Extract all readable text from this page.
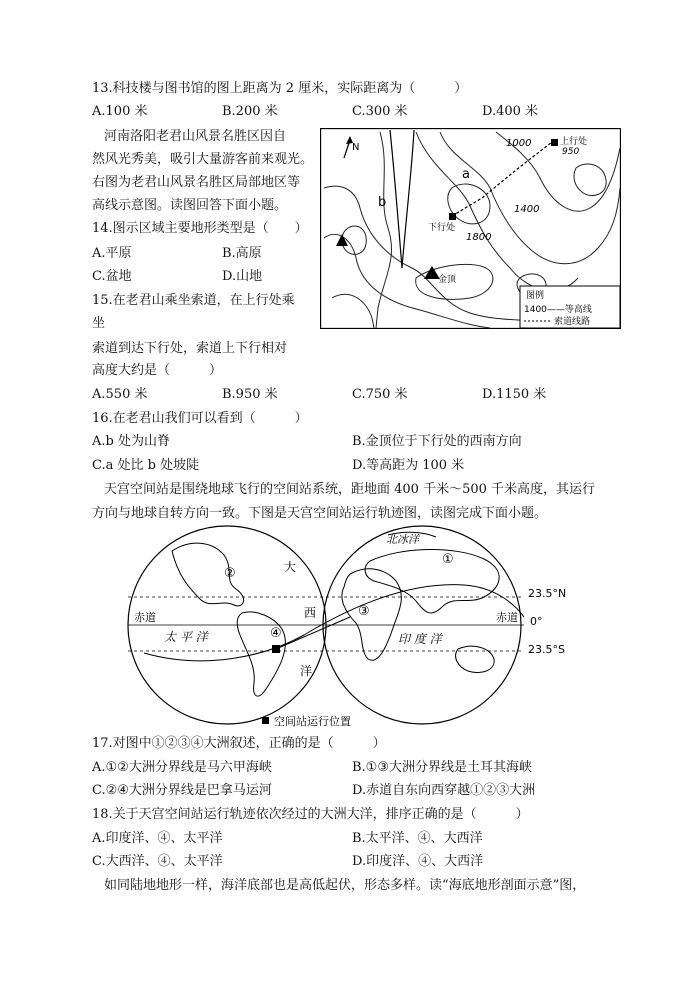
13.科技楼与图书馆的图上距离为 2 厘米，实际距离为（　　　）
A.100 米	B.200 米	C.300 米	D.400 米
河南洛阳老君山风景名胜区因自
然风光秀美，吸引大量游客前来观光。
右图为老君山风景名胜区局部地区等
高线示意图。读图回答下面小题。
14.图示区域主要地形类型是（　　）
A.平原	B.高原
C.盆地	D.山地
15.在老君山乘坐索道，在上行处乘
坐
索道到达下行处，索道上下行相对
高度大约是（　　　）
A.550 米	B.950 米	C.750 米	D.1150 米
16.在老君山我们可以看到（　　　）
A.b 处为山脊	B.金顶位于下行处的西南方向
C.a 处比 b 处坡陡	D.等高距为 100 米
天宫空间站是围绕地球飞行的空间站系统，距地面 400 千米～500 千米高度，其运行
方向与地球自转方向一致。下图是天宫空间站运行轨迹图，读图完成下面小题。
N	1000
1400
1800
a
b
上行处
950
下行处
金顶
图例
1400——等高线
索道线路
②	大
西
洋
赤道
太 平 洋	④
北冰洋
①
③
印 度 洋
赤道
23.5°N
0°
23.5°S
空间站运行位置
17.对图中①②③④大洲叙述，正确的是（　　　）
A.①②大洲分界线是马六甲海峡	B.①③大洲分界线是土耳其海峡
C.②④大洲分界线是巴拿马运河	D.赤道自东向西穿越①②③大洲
18.关于天宫空间站运行轨迹依次经过的大洲大洋，排序正确的是（　　　）
A.印度洋、④、太平洋	B.太平洋、④、大西洋
C.大西洋、④、太平洋	D.印度洋、④、大西洋
如同陆地地形一样，海洋底部也是高低起伏，形态多样。读“海底地形剖面示意”图，
